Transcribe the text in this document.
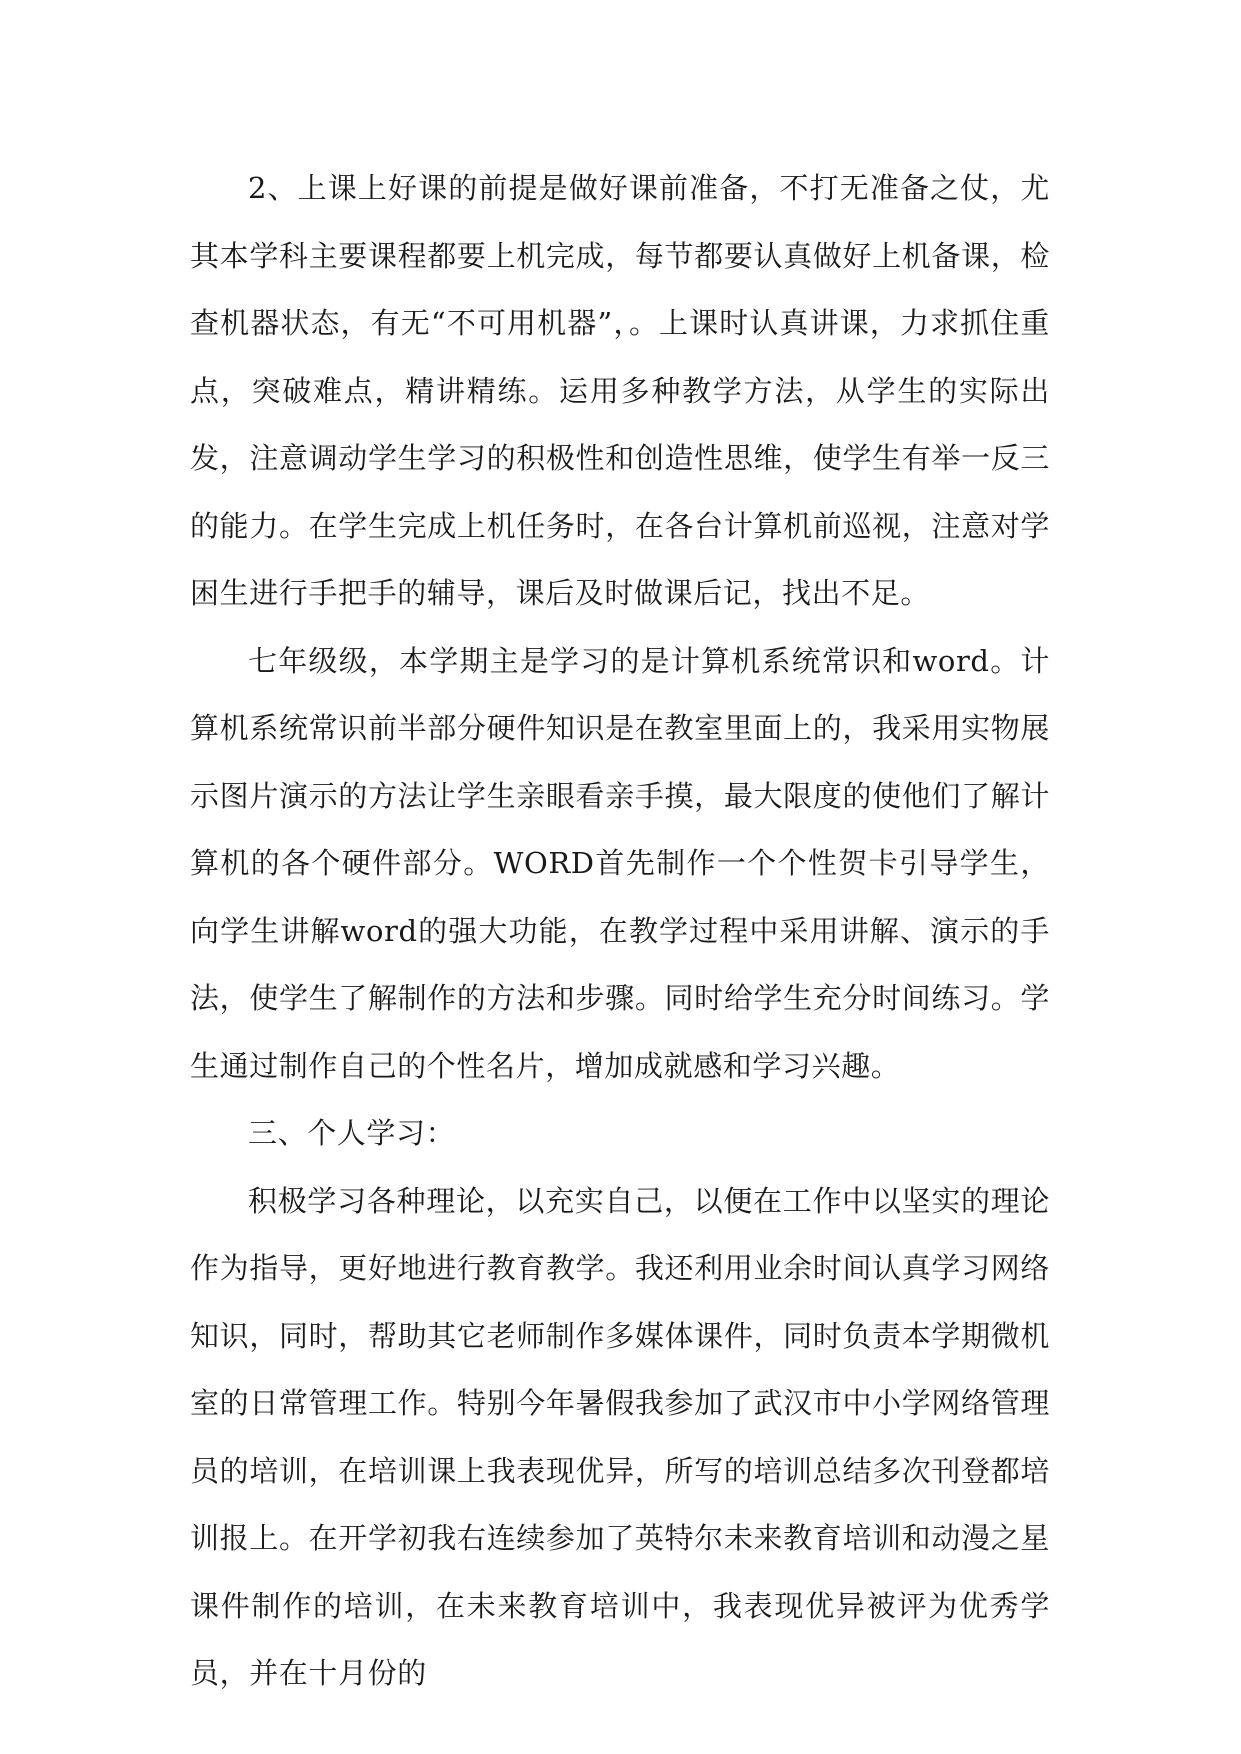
2、上课上好课的前提是做好课前准备，不打无准备之仗，尤其本学科主要课程都要上机完成，每节都要认真做好上机备课，检查机器状态，有无“不可用机器”，。上课时认真讲课，力求抓住重点，突破难点，精讲精练。运用多种教学方法，从学生的实际出发，注意调动学生学习的积极性和创造性思维，使学生有举一反三的能力。在学生完成上机任务时，在各台计算机前巡视，注意对学困生进行手把手的辅导，课后及时做课后记，找出不足。

七年级级，本学期主是学习的是计算机系统常识和word。计算机系统常识前半部分硬件知识是在教室里面上的，我采用实物展示图片演示的方法让学生亲眼看亲手摸，最大限度的使他们了解计算机的各个硬件部分。WORD首先制作一个个性贺卡引导学生，向学生讲解word的强大功能，在教学过程中采用讲解、演示的手法，使学生了解制作的方法和步骤。同时给学生充分时间练习。学生通过制作自己的个性名片，增加成就感和学习兴趣。

三、个人学习：

积极学习各种理论，以充实自己，以便在工作中以坚实的理论作为指导，更好地进行教育教学。我还利用业余时间认真学习网络知识，同时，帮助其它老师制作多媒体课件，同时负责本学期微机室的日常管理工作。特别今年暑假我参加了武汉市中小学网络管理员的培训，在培训课上我表现优异，所写的培训总结多次刊登都培训报上。在开学初我右连续参加了英特尔未来教育培训和动漫之星课件制作的培训，在未来教育培训中，我表现优异被评为优秀学员，并在十月份的
